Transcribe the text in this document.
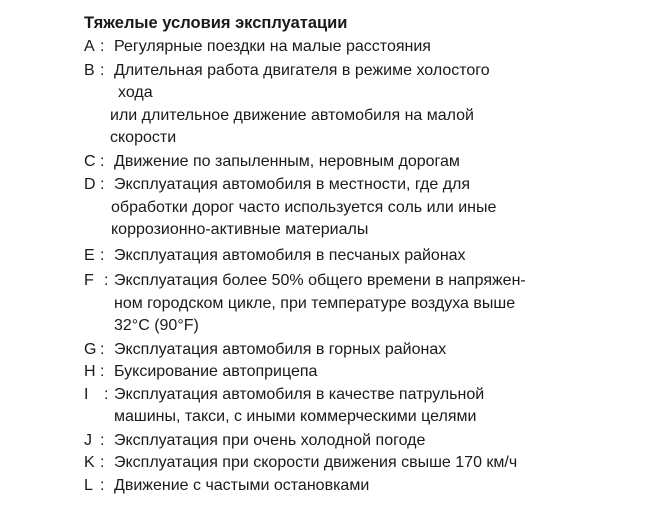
Тяжелые условия эксплуатации
A : Регулярные поездки на малые расстояния
B : Длительная работа двигателя в режиме холостого
хода
или длительное движение автомобиля на малой
скорости
C : Движение по запыленным, неровным дорогам
D : Эксплуатация автомобиля в местности, где для
обработки дорог часто используется соль или иные
коррозионно-активные материалы
E : Эксплуатация автомобиля в песчаных районах
F : Эксплуатация более 50% общего времени в напряжен-
ном городском цикле, при температуре воздуха выше
32°C (90°F)
G : Эксплуатация автомобиля в горных районах
H : Буксирование автоприцепа
I : Эксплуатация автомобиля в качестве патрульной
машины, такси, с иными коммерческими целями
J : Эксплуатация при очень холодной погоде
K : Эксплуатация при скорости движения свыше 170 км/ч
L : Движение с частыми остановками
